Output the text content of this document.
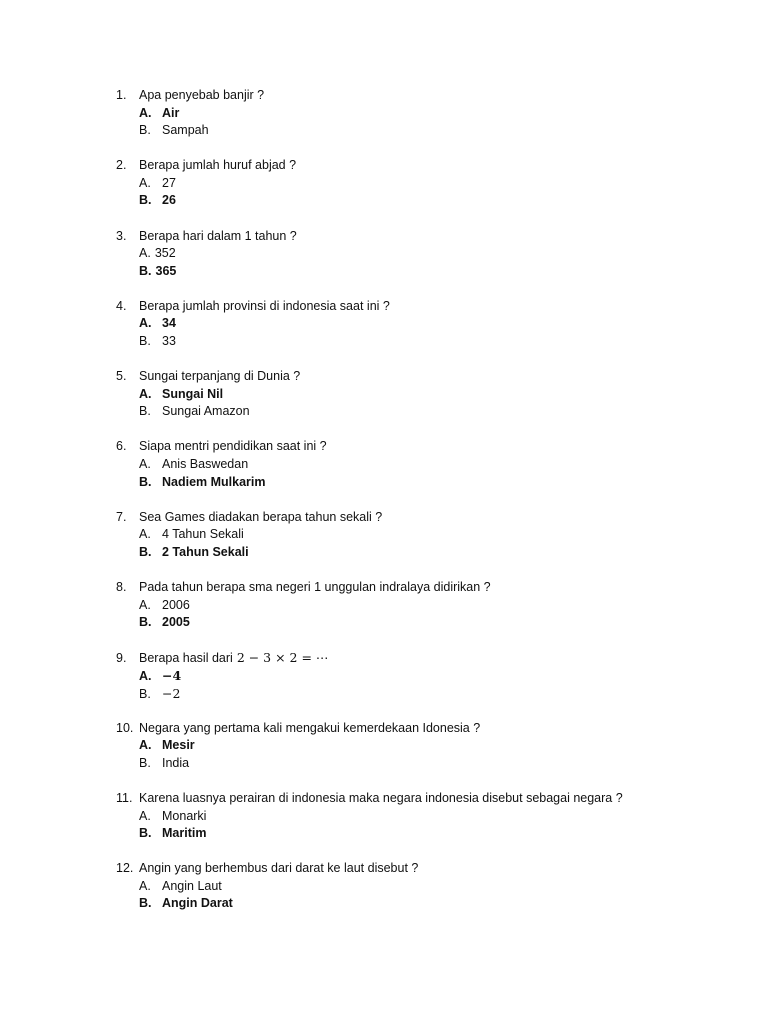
1. Apa penyebab banjir ?
A. Air
B. Sampah
2. Berapa jumlah huruf abjad ?
A. 27
B. 26
3. Berapa hari dalam 1 tahun ?
A. 352
B. 365
4. Berapa jumlah provinsi di indonesia saat ini ?
A. 34
B. 33
5. Sungai terpanjang di Dunia ?
A. Sungai Nil
B. Sungai Amazon
6. Siapa mentri pendidikan saat ini ?
A. Anis Baswedan
B. Nadiem Mulkarim
7. Sea Games diadakan berapa tahun sekali ?
A. 4 Tahun Sekali
B. 2 Tahun Sekali
8. Pada tahun berapa sma negeri 1 unggulan indralaya didirikan ?
A. 2006
B. 2005
9. Berapa hasil dari 2 − 3 × 2 = ⋯
A. −4
B. −2
10. Negara yang pertama kali mengakui kemerdekaan Idonesia ?
A. Mesir
B. India
11. Karena luasnya perairan di indonesia maka negara indonesia disebut sebagai negara ?
A. Monarki
B. Maritim
12. Angin yang berhembus dari darat ke laut disebut ?
A. Angin Laut
B. Angin Darat
